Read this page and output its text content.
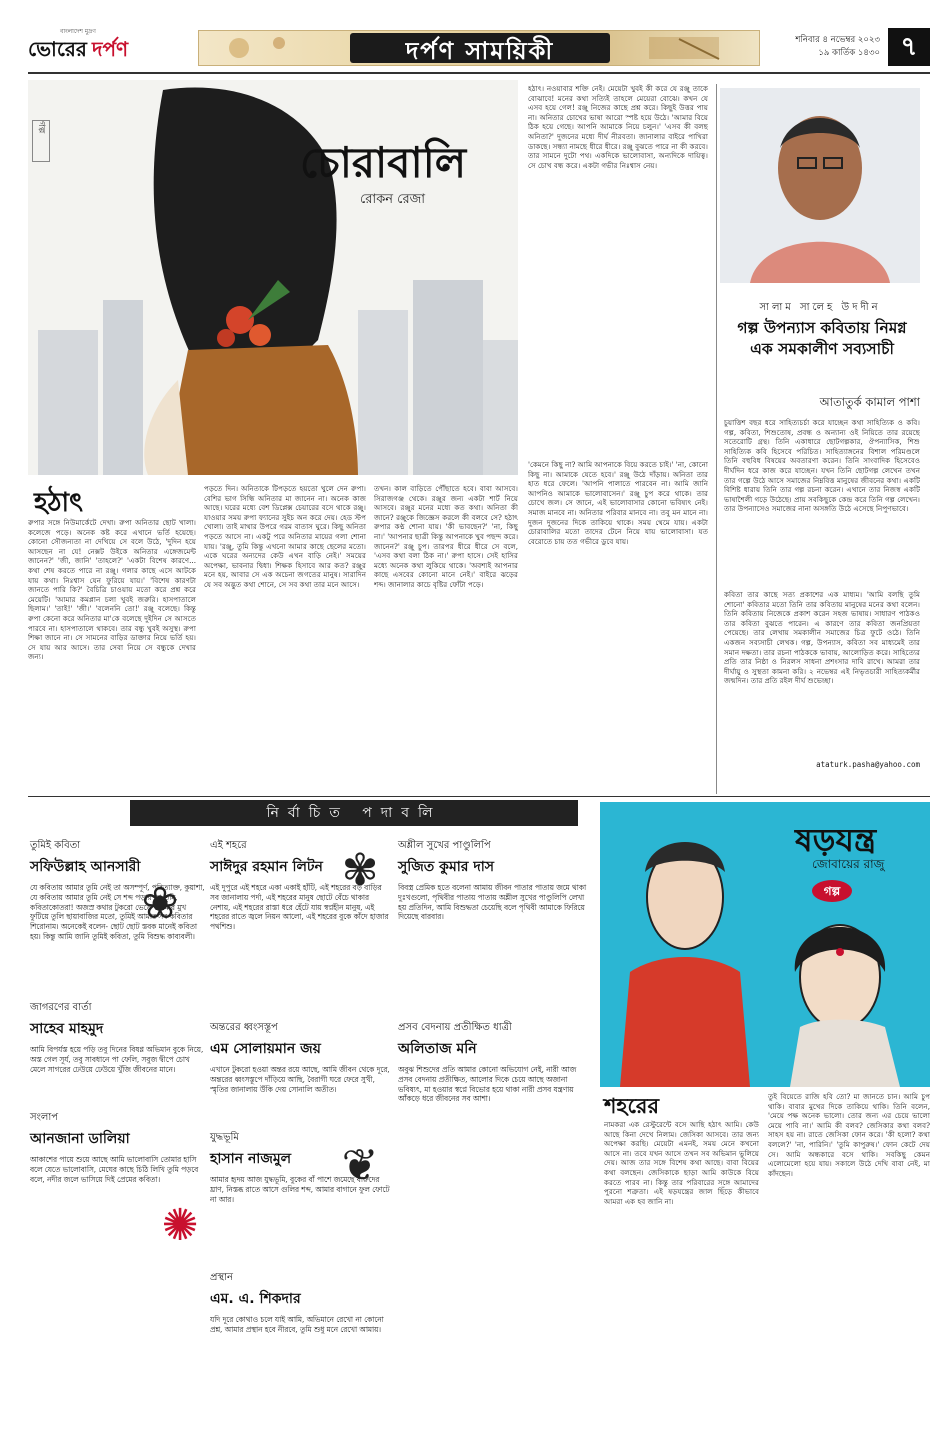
বাংলাদেশ মুদ্রণ
ভোরের দর্পণ	দর্পণ সাময়িকী	শনিবার ৪ নভেম্বর ২০২৩
১৯ কার্তিক ১৪৩০ ৭
গল্প
চোরাবালি
রোকন রেজা
হঠাৎ
রুপার সঙ্গে নিউমার্কেটে দেখা। রুপা অনিতার ছোট খালা। কলেজে পড়ে। অনেক কষ্ট করে এখানে ভর্তি হয়েছে। কোনো সৌজন্যতা না দেখিয়ে সে বলে উঠে, 'দুদিন হয়ে আসছেন না যে! নেক্সট উইকে অনিতার এঙ্গেজমেন্ট জানেন?' 'জী, জানি' 'তাহলে?' 'একটা বিশেষ কারণে... কথা শেষ করতে পারে না রঞ্জু। গলার কাছে এসে আটকে যায় কথা। নিঃশ্বাস যেন ফুরিয়ে যায়।' 'বিশেষ কারণটা জানতে পারি কি?' বৈচিত্রি চাওয়ায় মতো করে প্রশ্ন করে মেয়েটি। 'আমার কমপ্লান চলা খুবই জরুরি। হাসপাতালে ছিলাম।' 'তাই!' 'জী।' 'বলেননি তো!' রঞ্জু বলেছে। কিন্তু রুপা কেনো করে অনিতার মা'কে বলেছে দুইদিন সে আসতে পারবে না। হাসপাতালে থাকবে। তার বন্ধু খুবই অসুস্থ। রুপা শিক্ষা জানে না। সে সামনের বাড়ির ডাক্তার নিয়ে ভর্তি হয়। সে যায় আর আসে। তার সেবা নিয়ে সে বন্ধুকে দেখার জন্য।
পড়তে দিন। অনিতাকে টিপড়তে হয়তো খুলে দেন রুপা। বেশির ভাগ সিন্ধি অনিতার মা জানেন না। অনেক কাজ আছে। ঘরের মধ্যে বেশ ডিপ্লেক্স চেয়ারের বসে থাকে রঞ্জু। যাওয়ার সময় রুপা ফ্যানের সুইচ অন করে দেয়। হেড স্টপ খোলা। তাই মাথার উপরে গরম বাতাস ঘুরে। কিছু অনিতা পড়তে আসে না। একটু পরে অনিতার মায়ের গলা শোনা যায়। 'রঞ্জু, তুমি কিন্তু এখনো আমার কাছে ছেলের মতো। একে ঘরের অন্যদের কেউ এখন বাড়ি নেই।' সময়ের অপেক্ষা, ভাবনার দ্বিধা। শিক্ষক হিসাবে আর কত? রঞ্জুর মনে হয়, আবার সে এক অচেনা জগতের মানুষ। সারাদিন যে সব অদ্ভুত কথা শোনে, সে সব কথা তার মনে আসে।
তখন। কাল বাড়িতে পৌঁছাতে হবে। বাবা আসবে। সিরাজগঞ্জ থেকে। রঞ্জুর জন্য একটা শার্ট নিয়ে আসবে। রঞ্জুর মনের মধ্যে কত কথা। অনিতা কী জানে? রঞ্জুকে জিজ্ঞেস করলে কী বলবে সে? হঠাৎ রুপার কণ্ঠ শোনা যায়। 'কী ভাবছেন?' 'না, কিছু না।' 'আপনার ছাত্রী কিন্তু আপনাকে খুব পছন্দ করে। জানেন?' রঞ্জু চুপ। তারপর ধীরে ধীরে সে বলে, 'এসব কথা বলা ঠিক না।' রুপা হাসে। সেই হাসির মধ্যে অনেক কথা লুকিয়ে থাকে। 'অবশ্যই আপনার কাছে এসবের কোনো মানে নেই।' বাইরে ঝড়ের শব্দ। জানালার কাচে বৃষ্টির ফোঁটা পড়ে।
হঠাৎ। নওয়াবার শক্তি নেই। মেয়েটা খুবই কী করে যে রঞ্জু তাকে বোঝাবে! মনের কথা সত্যিই তাহলে মেয়েরা বোঝে। কখন যে এসব হয়ে গেল! রঞ্জু নিজের কাছে প্রশ্ন করে। কিছুই উত্তর পায় না। অনিতার চোখের ভাষা আরো স্পষ্ট হয়ে উঠে। 'আমার বিয়ে ঠিক হয়ে গেছে। আপনি আমাকে নিয়ে চলুন।' 'এসব কী বলছ অনিতা?' দুজনের মধ্যে দীর্ঘ নীরবতা। জানালার বাইরে পাখিরা ডাকছে। সন্ধ্যা নামছে ধীরে ধীরে। রঞ্জু বুঝতে পারে না কী করবে। তার সামনে দুটো পথ। একদিকে ভালোবাসা, অন্যদিকে দায়িত্ব। সে চোখ বন্ধ করে। একটা গভীর নিঃশ্বাস নেয়।
'কেমনে কিছু না? আমি আপনাকে বিয়ে করতে চাই।' 'না, কোনো কিছু না। আমাকে যেতে হবে।' রঞ্জু উঠে দাঁড়ায়। অনিতা তার হাত ধরে ফেলে। 'আপনি পালাতে পারবেন না। আমি জানি আপনিও আমাকে ভালোবাসেন।' রঞ্জু চুপ করে থাকে। তার চোখে জল। সে জানে, এই ভালোবাসার কোনো ভবিষ্যৎ নেই। সমাজ মানবে না। অনিতার পরিবার মানবে না। তবু মন মানে না। দুজন দুজনের দিকে তাকিয়ে থাকে। সময় থেমে যায়। একটা চোরাবালির মতো তাদের টেনে নিয়ে যায় ভালোবাসা। যত বেরোতে চায় তত গভীরে ডুবে যায়।
সালাম সালেহ উদদীন
গল্প উপন্যাস কবিতায় নিমগ্ন
এক সমকালীণ সব্যসাচী
আতাতুর্ক কামাল পাশা
চুয়াত্তিশ বছর ধরে সাহিত্যচর্চা করে যাচ্ছেন কথা সাহিত্যিক ও কবি। গল্প, কবিতা, শিশুতোষ, প্রবন্ধ ও অন্যান্য ওই নিয়িতে তার রয়েছে সতেরোটি গ্রন্থ। তিনি একাধারে ছোটগল্পকার, ঔপন্যাসিক, শিশু সাহিত্যিক কবি হিসেবে পরিচিত। সাহিত্যাঙ্গনের বিশাল পরিমণ্ডলে তিনি বহুবিধ বিষয়ের অবতারণা করেন। তিনি সাংবাদিক হিসেবেও দীর্ঘদিন ধরে কাজ করে যাচ্ছেন। যখন তিনি ছোটগল্প লেখেন তখন তার গল্পে উঠে আসে সমাজের নিম্নবিত্ত মানুষের জীবনের কথা। একটি বিশিষ্ট ধারায় তিনি তার গল্প রচনা করেন। এখানে তার নিজস্ব একটি ভাষাশৈলী গড়ে উঠেছে। প্রায় সবকিছুকে কেন্দ্র করে তিনি গল্প লেখেন। তার উপন্যাসেও সমাজের নানা অসঙ্গতি উঠে এসেছে নিপুণভাবে।
কবিতা তার কাছে সত্য প্রকাশের এক মাধ্যম। 'আমি বলছি তুমি শোনো' কবিতার মতো তিনি তার কবিতায় মানুষের মনের কথা বলেন। তিনি কবিতায় নিজেকে প্রকাশ করেন সহজ ভাষায়। সাধারণ পাঠকও তার কবিতা বুঝতে পারেন। এ কারণে তার কবিতা জনপ্রিয়তা পেয়েছে। তার লেখায় সমকালীন সমাজের চিত্র ফুটে ওঠে। তিনি একজন সব্যসাচী লেখক। গল্প, উপন্যাস, কবিতা সব মাধ্যমেই তার সমান দক্ষতা। তার রচনা পাঠককে ভাবায়, আলোড়িত করে। সাহিত্যের প্রতি তার নিষ্ঠা ও নিরলস সাধনা প্রশংসার দাবি রাখে। আমরা তার দীর্ঘায়ু ও সুস্থতা কামনা করি। ২ নভেম্বর এই নিভৃতচারী সাহিত্যকর্মীর জন্মদিন। তার প্রতি রইল দীর্ঘ শুভেচ্ছা।
ataturk.pasha@yahoo.com
নির্বাচিত পদাবলি
তুমিই কবিতা
সফিউল্লাহ আনসারী
যে কবিতায় আমার তুমি নেই তা অসম্পূর্ণ, পরিত্যাক্ত, কুয়াশা, যে কবিতায় আমার তুমি নেই সে শব্দ পড়ার তা তুমি, কবিতাকোতরা! অজস্র কথার টুকরো ভেঙে তোমার মুখ ফুটিয়ে তুলি ছায়াবাজির মতো, তুমিই আমার সব কবিতার শিরোনাম। অনেকেই বলেন- ছোট ছোট স্তবক মানেই কবিতা হয়। কিন্তু আমি জানি তুমিই কবিতা, তুমি বিশুদ্ধ কাব্যবলী।
❀
জাগরণের বার্তা
সাহেব মাহমুদ
আমি বিপর্যস্ত হয়ে পড়ি তবু দিনের বিষণ্ণ অভিমান বুকে নিয়ে, অস্ত গেল সূর্য, তবু সাবধানে পা ফেলি, সবুজ দ্বীপে চোখ মেলে সাগরের ঢেউয়ে ঢেউয়ে খুঁজি জীবনের মানে।
সংলাপ
আনজানা ডালিয়া
আকাশের পায়ে শুয়ে আছে আমি ভালোবাসি তোমার হাসি বলে যেতে ভালোবাসি, মেঘের কাছে চিঠি লিখি তুমি পড়বে বলে, নদীর জলে ভাসিয়ে দিই প্রেমের কবিতা।
✺
এই শহরে
সাঈদুর রহমান লিটন
এই দুপুরে এই শহরে একা একাই হাঁটি, এই শহরের বড় বাড়ির সব জানালায় পর্দা, এই শহরের মানুষ ছোটে বেঁচে থাকার নেশায়, এই শহরের রাস্তা ধরে হেঁটে যায় স্বপ্নহীন মানুষ, এই শহরের রাতে জ্বলে নিয়ন আলো, এই শহরের বুকে কাঁদে হাজার পথশিশু।
অন্তরের ধ্বংসস্তূপ
এম সোলায়মান জয়
এখানে টুকরো হওয়া অন্তর রয়ে আছে, আমি জীবন থেকে দূরে, অন্তরের ধ্বংসস্তূপে দাঁড়িয়ে আছি, বৈরাগী ঘরে ফেরে সুখী, স্মৃতির জানালায় উঁকি দেয় সোনালি অতীত।
যুদ্ধভূমি
হাসান নাজমুল
আমার হৃদয় আজ যুদ্ধভূমি, বুকের বাঁ পাশে জমেছে বারুদের ঘ্রাণ, নিস্তব্ধ রাতে আসে গুলির শব্দ, আমার বাগানে ফুল ফোটে না আর।
❦
প্রস্থান
এম. এ. শিকদার
যদি দূরে কোথাও চলে যাই আমি, অভিমানে রেখো না কোনো প্রশ্ন, আমার প্রস্থান হবে নীরবে, তুমি শুধু মনে রেখো আমায়।
✾	অশ্লীল সুখের পাণ্ডুলিপি
সুজিত কুমার দাস
বিবস্ত্র প্রেমিক হতে বলেনা আমায় জীবন পাতার পাতায় জমে থাকা দুঃখগুলো, পৃথিবীর পাতায় পাতায় অশ্লীল সুখের পাণ্ডুলিপি লেখা হয় প্রতিদিন, আমি বিশুদ্ধতা চেয়েছি বলে পৃথিবী আমাকে ফিরিয়ে দিয়েছে বারবার।
প্রসব বেদনায় প্রতীক্ষিত ধাত্রী
অলিতাজ মনি
অবুঝ শিশুদের প্রতি আমার কোনো অভিযোগ নেই, নারী আজ প্রসব বেদনায় প্রতীক্ষিত, আলোর দিকে চেয়ে আছে অজানা ভবিষ্যৎ, মা হওয়ার স্বপ্নে বিভোর হয়ে থাকা নারী প্রসব যন্ত্রণায় আঁকড়ে ধরে জীবনের সব আশা।
ষড়যন্ত্র
জোবায়ের রাজু
গল্প
শহরের
নামকরা এক রেস্টুরেন্টে বসে আছি হঠাৎ আমি। কেউ আছে কিনা দেখে নিলাম। জেসিকা আসবে। তার জন্য অপেক্ষা করছি। মেয়েটা এমনই, সময় মেনে কখনো আসে না। তবে যখন আসে তখন সব অভিমান ভুলিয়ে দেয়। আজ তার সঙ্গে বিশেষ কথা আছে। বাবা বিয়ের কথা বলছেন। জেসিকাকে ছাড়া আমি কাউকে বিয়ে করতে পারব না। কিন্তু তার পরিবারের সঙ্গে আমাদের পুরনো শত্রুতা। এই ষড়যন্ত্রের জাল ছিঁড়ে কীভাবে আমরা এক হব জানি না।
তুই বিয়েতে রাজি হবি তো? মা জানতে চান। আমি চুপ থাকি। বাবার মুখের দিকে তাকিয়ে থাকি। তিনি বলেন, 'মেয়ে পক্ষ অনেক ভালো। তোর জন্য এর চেয়ে ভালো মেয়ে পাবি না।' আমি কী বলব? জেসিকার কথা বলব? সাহস হয় না। রাতে জেসিকা ফোন করে। 'কী হলো? কথা বললে?' 'না, পারিনি।' 'তুমি কাপুরুষ।' ফোন কেটে দেয় সে। আমি অন্ধকারে বসে থাকি। সবকিছু কেমন এলোমেলো হয়ে যায়। সকালে উঠে দেখি বাবা নেই, মা কাঁদছেন।
